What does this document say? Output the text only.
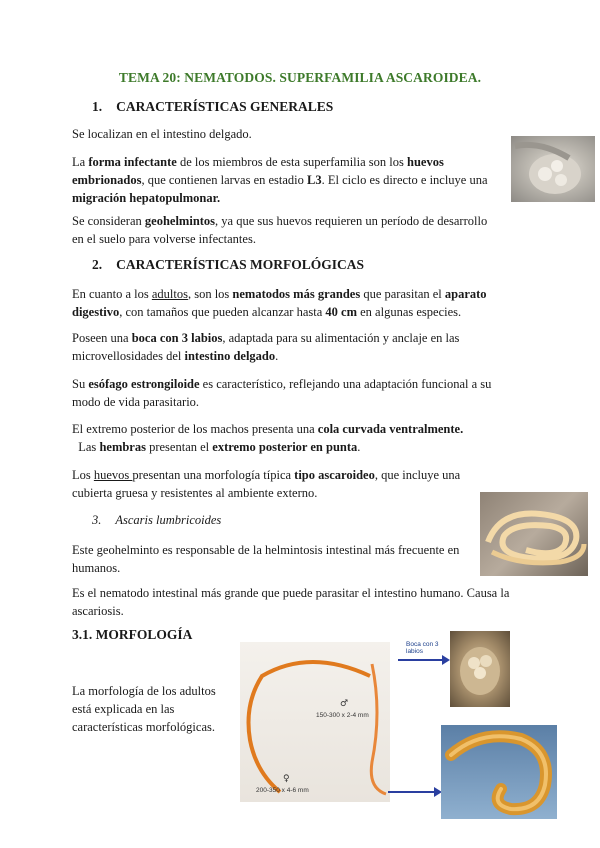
TEMA 20: NEMATODOS. SUPERFAMILIA ASCAROIDEA.
1. CARACTERÍSTICAS GENERALES
Se localizan en el intestino delgado.
La forma infectante de los miembros de esta superfamilia son los huevos embrionados, que contienen larvas en estadio L3. El ciclo es directo e incluye una migración hepatopulmonar.
Se consideran geohelmintos, ya que sus huevos requieren un período de desarrollo en el suelo para volverse infectantes.
2. CARACTERÍSTICAS MORFOLÓGICAS
En cuanto a los adultos, son los nematodos más grandes que parasitan el aparato digestivo, con tamaños que pueden alcanzar hasta 40 cm en algunas especies.
Poseen una boca con 3 labios, adaptada para su alimentación y anclaje en las microvellosidades del intestino delgado.
Su esófago estrongiloide es característico, reflejando una adaptación funcional a su modo de vida parasitario.
El extremo posterior de los machos presenta una cola curvada ventralmente.  Las hembras presentan el extremo posterior en punta.
Los huevos presentan una morfología típica tipo ascaroideo, que incluye una cubierta gruesa y resistentes al ambiente externo.
3. Ascaris lumbricoides
Este geohelminto es responsable de la helmintosis intestinal más frecuente en humanos.
Es el nematodo intestinal más grande que puede parasitar el intestino humano. Causa la ascariosis.
3.1. MORFOLOGÍA
La morfología de los adultos está explicada en las características morfológicas.
♂
150-300 x 2-4 mm
♀
200-350 x 4-6 mm
Boca con 3 labios
